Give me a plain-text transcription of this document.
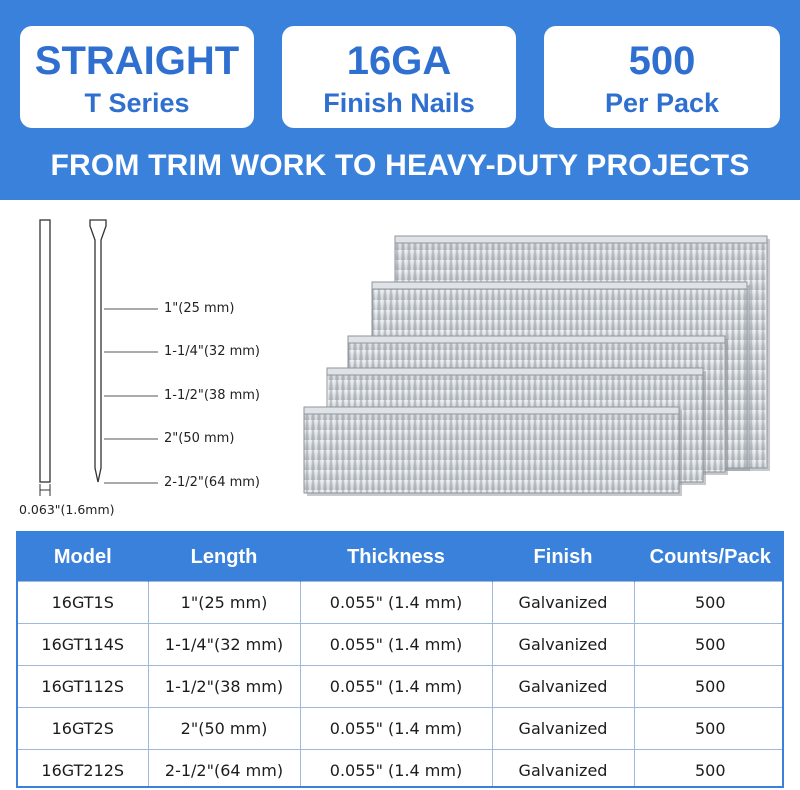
STRAIGHT
T Series
16GA
Finish Nails
500
Per Pack
FROM TRIM WORK TO HEAVY-DUTY PROJECTS
1"(25 mm)
1-1/4"(32 mm)
1-1/2"(38 mm)
2"(50 mm)
2-1/2"(64 mm)
0.063"(1.6mm)
Model	Length	Thickness	Finish	Counts/Pack
16GT1S	1"(25 mm)	0.055" (1.4 mm)	Galvanized	500
16GT114S	1-1/4"(32 mm)	0.055" (1.4 mm)	Galvanized	500
16GT112S	1-1/2"(38 mm)	0.055" (1.4 mm)	Galvanized	500
16GT2S	2"(50 mm)	0.055" (1.4 mm)	Galvanized	500
16GT212S	2-1/2"(64 mm)	0.055" (1.4 mm)	Galvanized	500
